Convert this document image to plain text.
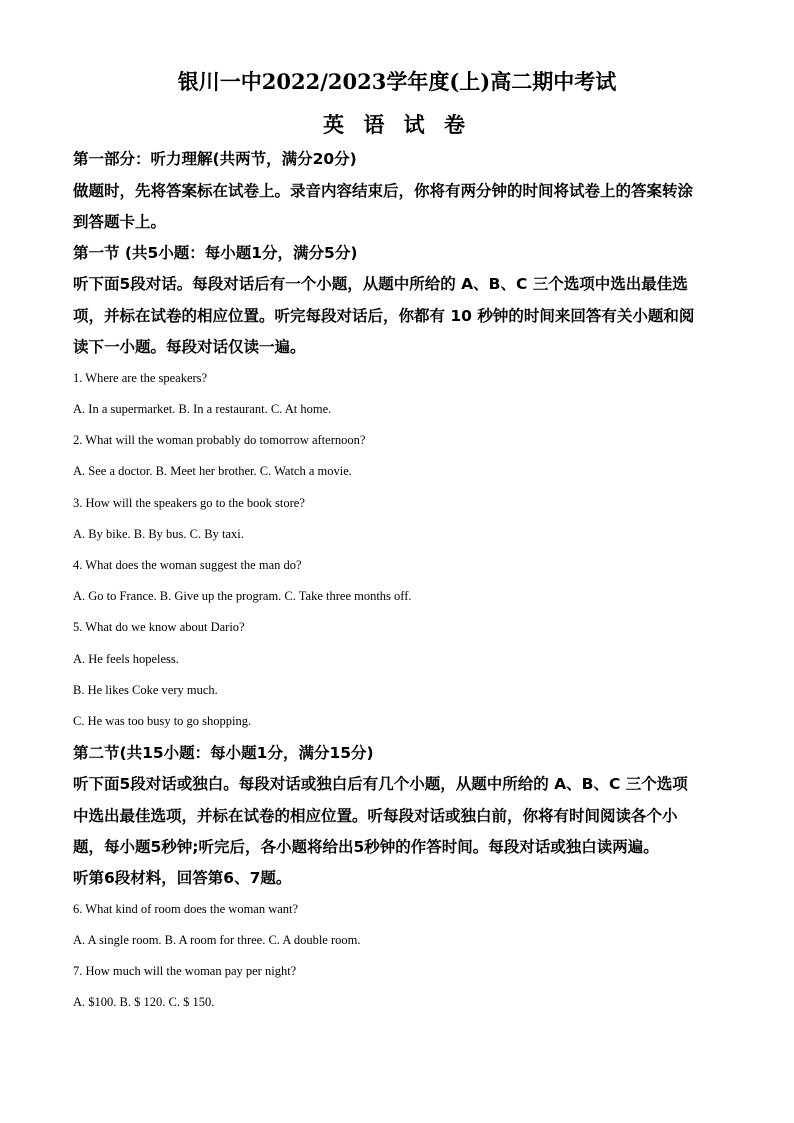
银川一中2022/2023学年度(上)高二期中考试
英 语 试 卷
第一部分：听力理解(共两节，满分20分)
做题时，先将答案标在试卷上。录音内容结束后，你将有两分钟的时间将试卷上的答案转涂
到答题卡上。
第一节 (共5小题：每小题1分，满分5分)
听下面5段对话。每段对话后有一个小题，从题中所给的 A、B、C 三个选项中选出最佳选
项，并标在试卷的相应位置。听完每段对话后，你都有 10 秒钟的时间来回答有关小题和阅
读下一小题。每段对话仅读一遍。
1. Where are the speakers?
A. In a supermarket. B. In a restaurant. C. At home.
2. What will the woman probably do tomorrow afternoon?
A. See a doctor. B. Meet her brother. C. Watch a movie.
3. How will the speakers go to the book store?
A. By bike. B. By bus. C. By taxi.
4. What does the woman suggest the man do?
A. Go to France. B. Give up the program. C. Take three months off.
5. What do we know about Dario?
A. He feels hopeless.
B. He likes Coke very much.
C. He was too busy to go shopping.
第二节(共15小题：每小题1分，满分15分)
听下面5段对话或独白。每段对话或独白后有几个小题，从题中所给的 A、B、C 三个选项
中选出最佳选项，并标在试卷的相应位置。听每段对话或独白前，你将有时间阅读各个小
题，每小题5秒钟;听完后，各小题将给出5秒钟的作答时间。每段对话或独白读两遍。
听第6段材料，回答第6、7题。
6. What kind of room does the woman want?
A. A single room. B. A room for three. C. A double room.
7. How much will the woman pay per night?
A. $100. B. $ 120. C. $ 150.
